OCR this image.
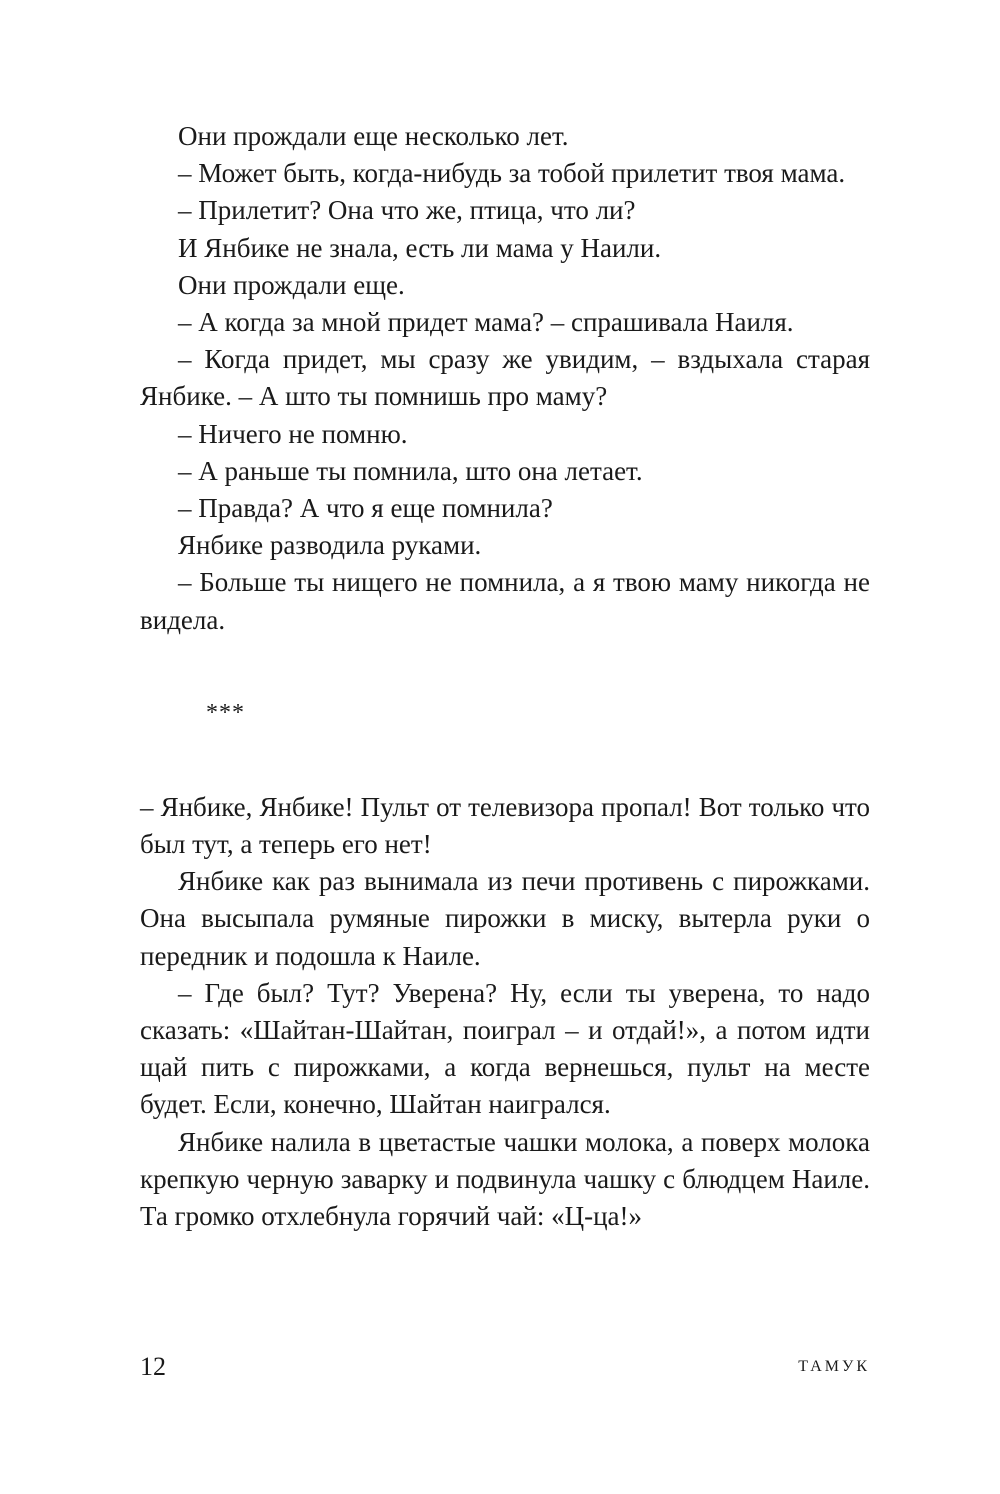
Они прождали еще несколько лет.

– Может быть, когда-нибудь за тобой прилетит твоя мама.

– Прилетит? Она что же, птица, что ли?

И Янбике не знала, есть ли мама у Наили.

Они прождали еще.

– А когда за мной придет мама? – спрашивала Наиля.

– Когда придет, мы сразу же увидим, – вздыхала старая Янбике. – А што ты помнишь про маму?

– Ничего не помню.

– А раньше ты помнила, што она летает.

– Правда? А что я еще помнила?

Янбике разводила руками.

– Больше ты нищего не помнила, а я твою маму никогда не видела.

***

– Янбике, Янбике! Пульт от телевизора пропал! Вот только что был тут, а теперь его нет!

Янбике как раз вынимала из печи противень с пирожками. Она высыпала румяные пирожки в миску, вытерла руки о передник и подошла к Наиле.

– Где был? Тут? Уверена? Ну, если ты уверена, то надо сказать: «Шайтан-Шайтан, поиграл – и отдай!», а потом идти щай пить с пирожками, а когда вернешься, пульт на месте будет. Если, конечно, Шайтан наигрался.

Янбике налила в цветастые чашки молока, а поверх молока крепкую черную заварку и подвинула чашку с блюдцем Наиле. Та громко отхлебнула горячий чай: «Ц-ца!»

12	ТАМУК
